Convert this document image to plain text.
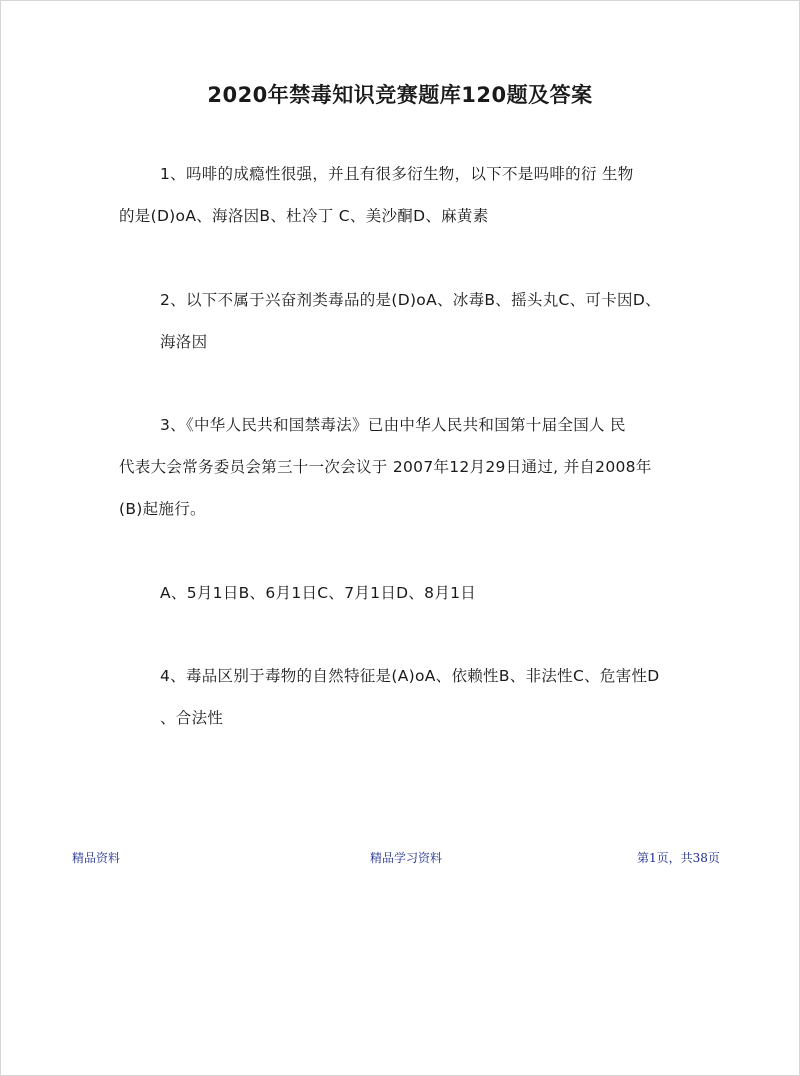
2020年禁毒知识竞赛题库120题及答案
1、吗啡的成瘾性很强，并且有很多衍生物，以下不是吗啡的衍 生物
的是(D)oA、海洛因B、杜冷丁 C、美沙酮D、麻黄素
2、以下不属于兴奋剂类毒品的是(D)oA、冰毒B、摇头丸C、可卡因D、
海洛因
3、《中华人民共和国禁毒法》已由中华人民共和国第十届全国人 民
代表大会常务委员会第三十一次会议于 2007年12月29日通过, 并自2008年
(B)起施行。
A、5月1日B、6月1日C、7月1日D、8月1日
4、毒品区别于毒物的自然特征是(A)oA、依赖性B、非法性C、危害性D
、合法性
精品资料	精品学习资料	第1页，共38页
